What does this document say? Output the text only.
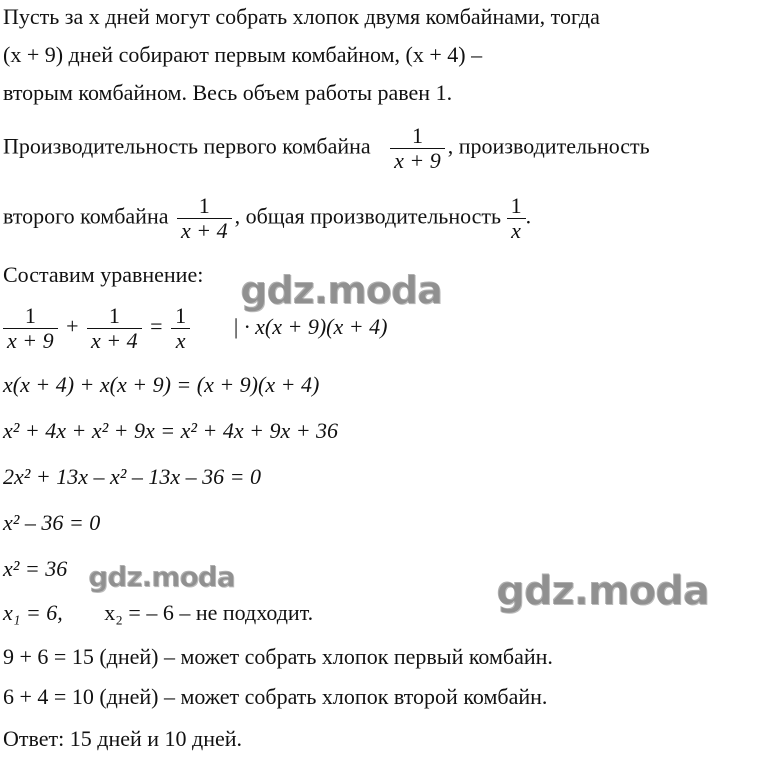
Пусть за x дней могут собрать хлопок двумя комбайнами, тогда
(x + 9) дней собирают первым комбайном, (x + 4) –
вторым комбайном. Весь объем работы равен 1.
Производительность первого комбайна $\frac{1}{x + 9}$ , производительность
второго комбайна $\frac{1}{x + 4}$ , общая производительность $\frac{1}{x}$ .
Составим уравнение:
$\frac{1}{x + 9} + \frac{1}{x + 4} = \frac{1}{x}$ | · x(x + 9)(x + 4)
x(x + 4) + x(x + 9) = (x + 9)(x + 4)
x² + 4x + x² + 9x = x² + 4x + 9x + 36
2x² + 13x – x² – 13x – 36 = 0
x² – 36 = 0
x² = 36
x₁ = 6, x₂ = – 6 – не подходит.
9 + 6 = 15 (дней) – может собрать хлопок первый комбайн.
6 + 4 = 10 (дней) – может собрать хлопок второй комбайн.
Ответ: 15 дней и 10 дней.
gdz.moda
gdz.moda	gdz.moda
